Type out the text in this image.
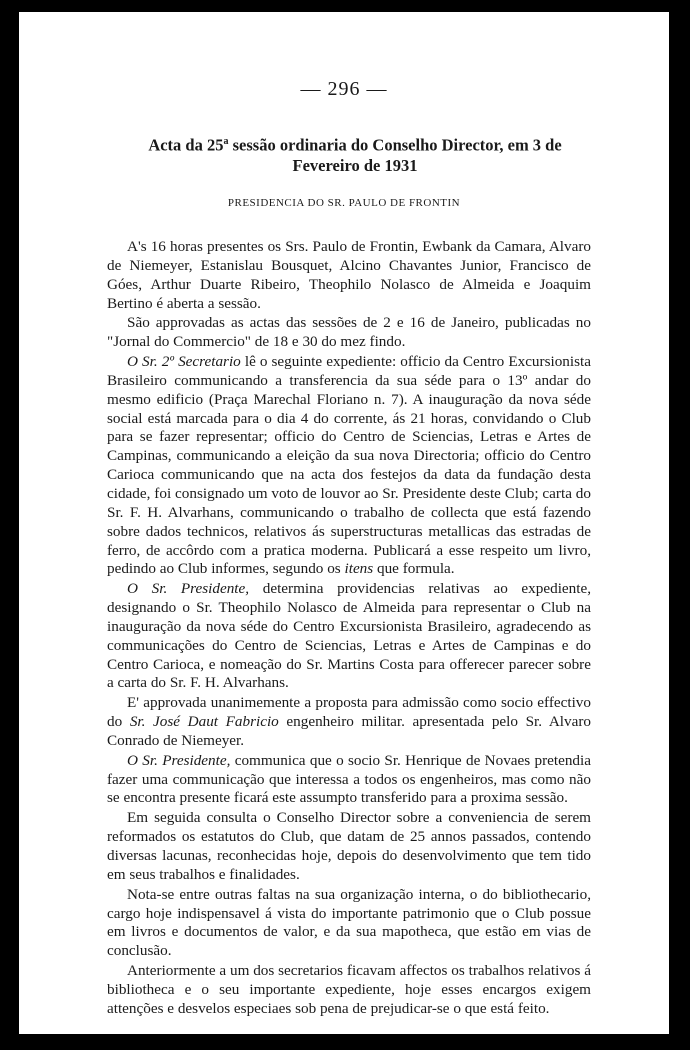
— 296 —
Acta da 25$^a$ sessão ordinaria do Conselho Director, em 3 de
Fevereiro de 1931
PRESIDENCIA DO SR. PAULO DE FRONTIN

A's 16 horas presentes os Srs. Paulo de Frontin, Ewbank da Camara, Alvaro de Niemeyer, Estanislau Bousquet, Alcino Chavantes Junior, Francisco de Góes, Arthur Duarte Ribeiro, Theophilo Nolasco de Almeida e Joaquim Bertino é aberta a sessão.

São approvadas as actas das sessões de 2 e 16 de Janeiro, publicadas no "Jornal do Commercio" de 18 e 30 do mez findo.

O Sr. 2º Secretario lê o seguinte expediente: officio da Centro Excursionista Brasileiro communicando a transferencia da sua séde para o 13º andar do mesmo edificio (Praça Marechal Floriano n. 7). A inauguração da nova séde social está marcada para o dia 4 do corrente, ás 21 horas, convidando o Club para se fazer representar; officio do Centro de Sciencias, Letras e Artes de Campinas, communicando a eleição da sua nova Directoria; officio do Centro Carioca communicando que na acta dos festejos da data da fundação desta cidade, foi consignado um voto de louvor ao Sr. Presidente deste Club; carta do Sr. F. H. Alvarhans, communicando o trabalho de collecta que está fazendo sobre dados technicos, relativos ás superstructuras metallicas das estradas de ferro, de accôrdo com a pratica moderna. Publicará a esse respeito um livro, pedindo ao Club informes, segundo os itens que formula.

O Sr. Presidente, determina providencias relativas ao expediente, designando o Sr. Theophilo Nolasco de Almeida para representar o Club na inauguração da nova séde do Centro Excursionista Brasileiro, agradecendo as communicações do Centro de Sciencias, Letras e Artes de Campinas e do Centro Carioca, e nomeação do Sr. Martins Costa para offerecer parecer sobre a carta do Sr. F. H. Alvarhans.

E' approvada unanimemente a proposta para admissão como socio effectivo do Sr. José Daut Fabricio engenheiro militar. apresentada pelo Sr. Alvaro Conrado de Niemeyer.

O Sr. Presidente, communica que o socio Sr. Henrique de Novaes pretendia fazer uma communicação que interessa a todos os engenheiros, mas como não se encontra presente ficará este assumpto transferido para a proxima sessão.

Em seguida consulta o Conselho Director sobre a conveniencia de serem reformados os estatutos do Club, que datam de 25 annos passados, contendo diversas lacunas, reconhecidas hoje, depois do desenvolvimento que tem tido em seus trabalhos e finalidades.

Nota-se entre outras faltas na sua organização interna, o do bibliothecario, cargo hoje indispensavel á vista do importante patrimonio que o Club possue em livros e documentos de valor, e da sua mapotheca, que estão em vias de conclusão.

Anteriormente a um dos secretarios ficavam affectos os trabalhos relativos á bibliotheca e o seu importante expediente, hoje esses encargos exigem attenções e desvelos especiaes sob pena de prejudicar-se o que está feito.
